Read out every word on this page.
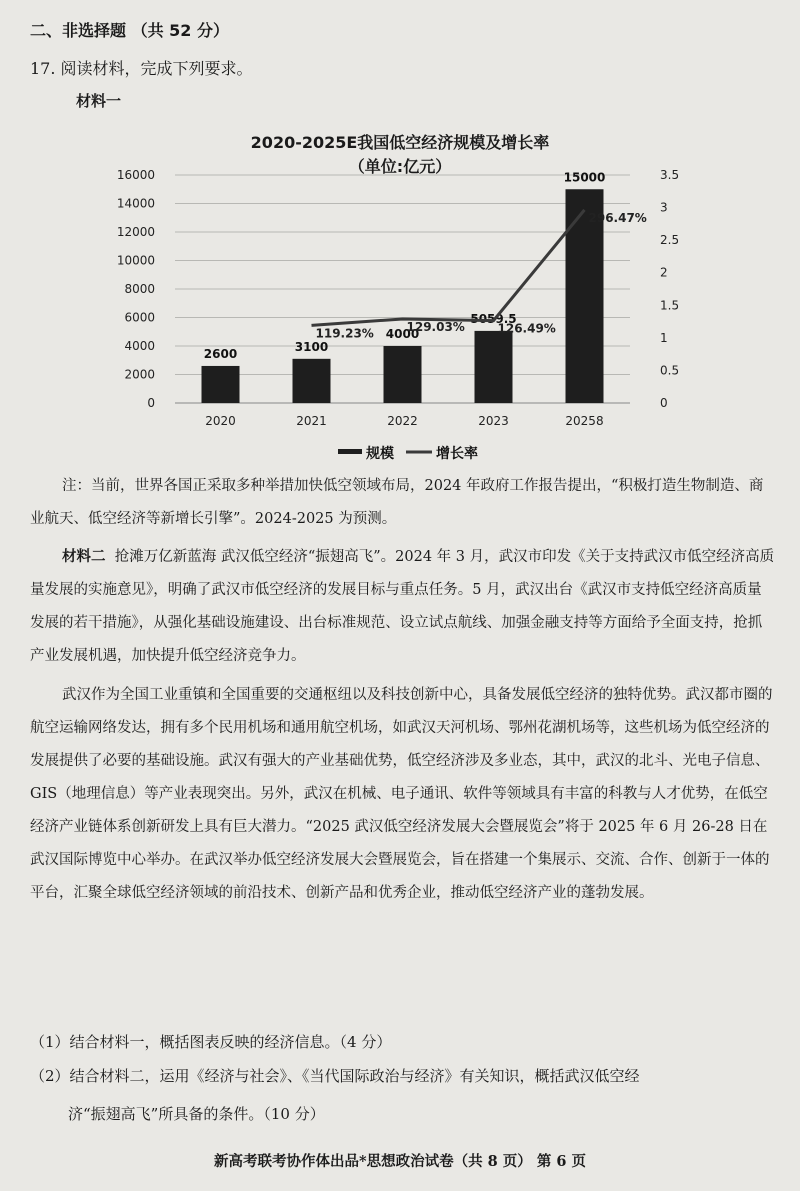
二、非选择题 （共 52 分）
17. 阅读材料，完成下列要求。
材料一
2020-2025E我国低空经济规模及增长率
（单位:亿元）
0
2000
4000
6000
8000
10000
12000
14000
16000
0
0.5
1
1.5
2
2.5
3
3.5
2600
3100
4000
5059.5
15000
2020	2021	2022	2023	20258
119.23%	129.03%	126.49%
296.47%
规模	增长率
注：当前，世界各国正采取多种举措加快低空领域布局，2024 年政府工作报告提出，“积极打造生物制造、商业航天、低空经济等新增长引擎”。2024-2025 为预测。

材料二 抢滩万亿新蓝海 武汉低空经济“振翅高飞”。2024 年 3 月，武汉市印发《关于支持武汉市低空经济高质量发展的实施意见》，明确了武汉市低空经济的发展目标与重点任务。5 月，武汉出台《武汉市支持低空经济高质量发展的若干措施》，从强化基础设施建设、出台标准规范、设立试点航线、加强金融支持等方面给予全面支持，抢抓产业发展机遇，加快提升低空经济竞争力。

武汉作为全国工业重镇和全国重要的交通枢纽以及科技创新中心，具备发展低空经济的独特优势。武汉都市圈的航空运输网络发达，拥有多个民用机场和通用航空机场，如武汉天河机场、鄂州花湖机场等，这些机场为低空经济的发展提供了必要的基础设施。武汉有强大的产业基础优势，低空经济涉及多业态，其中，武汉的北斗、光电子信息、GIS（地理信息）等产业表现突出。另外，武汉在机械、电子通讯、软件等领域具有丰富的科教与人才优势，在低空经济产业链体系创新研发上具有巨大潜力。“2025 武汉低空经济发展大会暨展览会”将于 2025 年 6 月 26-28 日在武汉国际博览中心举办。在武汉举办低空经济发展大会暨展览会，旨在搭建一个集展示、交流、合作、创新于一体的平台，汇聚全球低空经济领域的前沿技术、创新产品和优秀企业，推动低空经济产业的蓬勃发展。

（1）结合材料一，概括图表反映的经济信息。（4 分）
（2）结合材料二，运用《经济与社会》、《当代国际政治与经济》有关知识，概括武汉低空经
济“振翅高飞”所具备的条件。（10 分）
新高考联考协作体出品*思想政治试卷（共 8 页） 第 6 页
